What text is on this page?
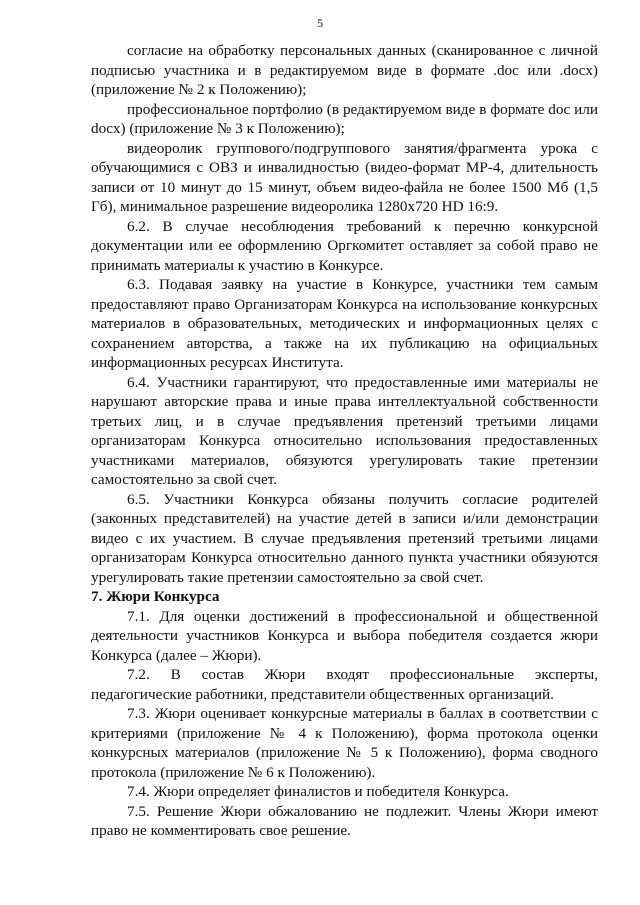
5

согласие на обработку персональных данных (сканированное с личной подписью участника и в редактируемом виде в формате .doc или .docx) (приложение № 2 к Положению);

профессиональное портфолио (в редактируемом виде в формате doc или docx) (приложение № 3 к Положению);

видеоролик группового/подгруппового занятия/фрагмента урока с обучающимися с ОВЗ и инвалидностью (видео-формат MP-4, длительность записи от 10 минут до 15 минут, объем видео-файла не более 1500 Мб (1,5 Гб), минимальное разрешение видеоролика 1280х720 HD 16:9.

6.2. В случае несоблюдения требований к перечню конкурсной документации или ее оформлению Оргкомитет оставляет за собой право не принимать материалы к участию в Конкурсе.

6.3. Подавая заявку на участие в Конкурсе, участники тем самым предоставляют право Организаторам Конкурса на использование конкурсных материалов в образовательных, методических и информационных целях с сохранением авторства, а также на их публикацию на официальных информационных ресурсах Института.

6.4. Участники гарантируют, что предоставленные ими материалы не нарушают авторские права и иные права интеллектуальной собственности третьих лиц, и в случае предъявления претензий третьими лицами организаторам Конкурса относительно использования предоставленных участниками материалов, обязуются урегулировать такие претензии самостоятельно за свой счет.

6.5. Участники Конкурса обязаны получить согласие родителей (законных представителей) на участие детей в записи и/или демонстрации видео с их участием. В случае предъявления претензий третьими лицами организаторам Конкурса относительно данного пункта участники обязуются урегулировать такие претензии самостоятельно за свой счет.

7. Жюри Конкурса

7.1. Для оценки достижений в профессиональной и общественной деятельности участников Конкурса и выбора победителя создается жюри Конкурса (далее – Жюри).

7.2. В состав Жюри входят профессиональные эксперты, педагогические работники, представители общественных организаций.

7.3. Жюри оценивает конкурсные материалы в баллах в соответствии с критериями (приложение № 4 к Положению), форма протокола оценки конкурсных материалов (приложение № 5 к Положению), форма сводного протокола (приложение № 6 к Положению).

7.4. Жюри определяет финалистов и победителя Конкурса.

7.5. Решение Жюри обжалованию не подлежит. Члены Жюри имеют право не комментировать свое решение.
